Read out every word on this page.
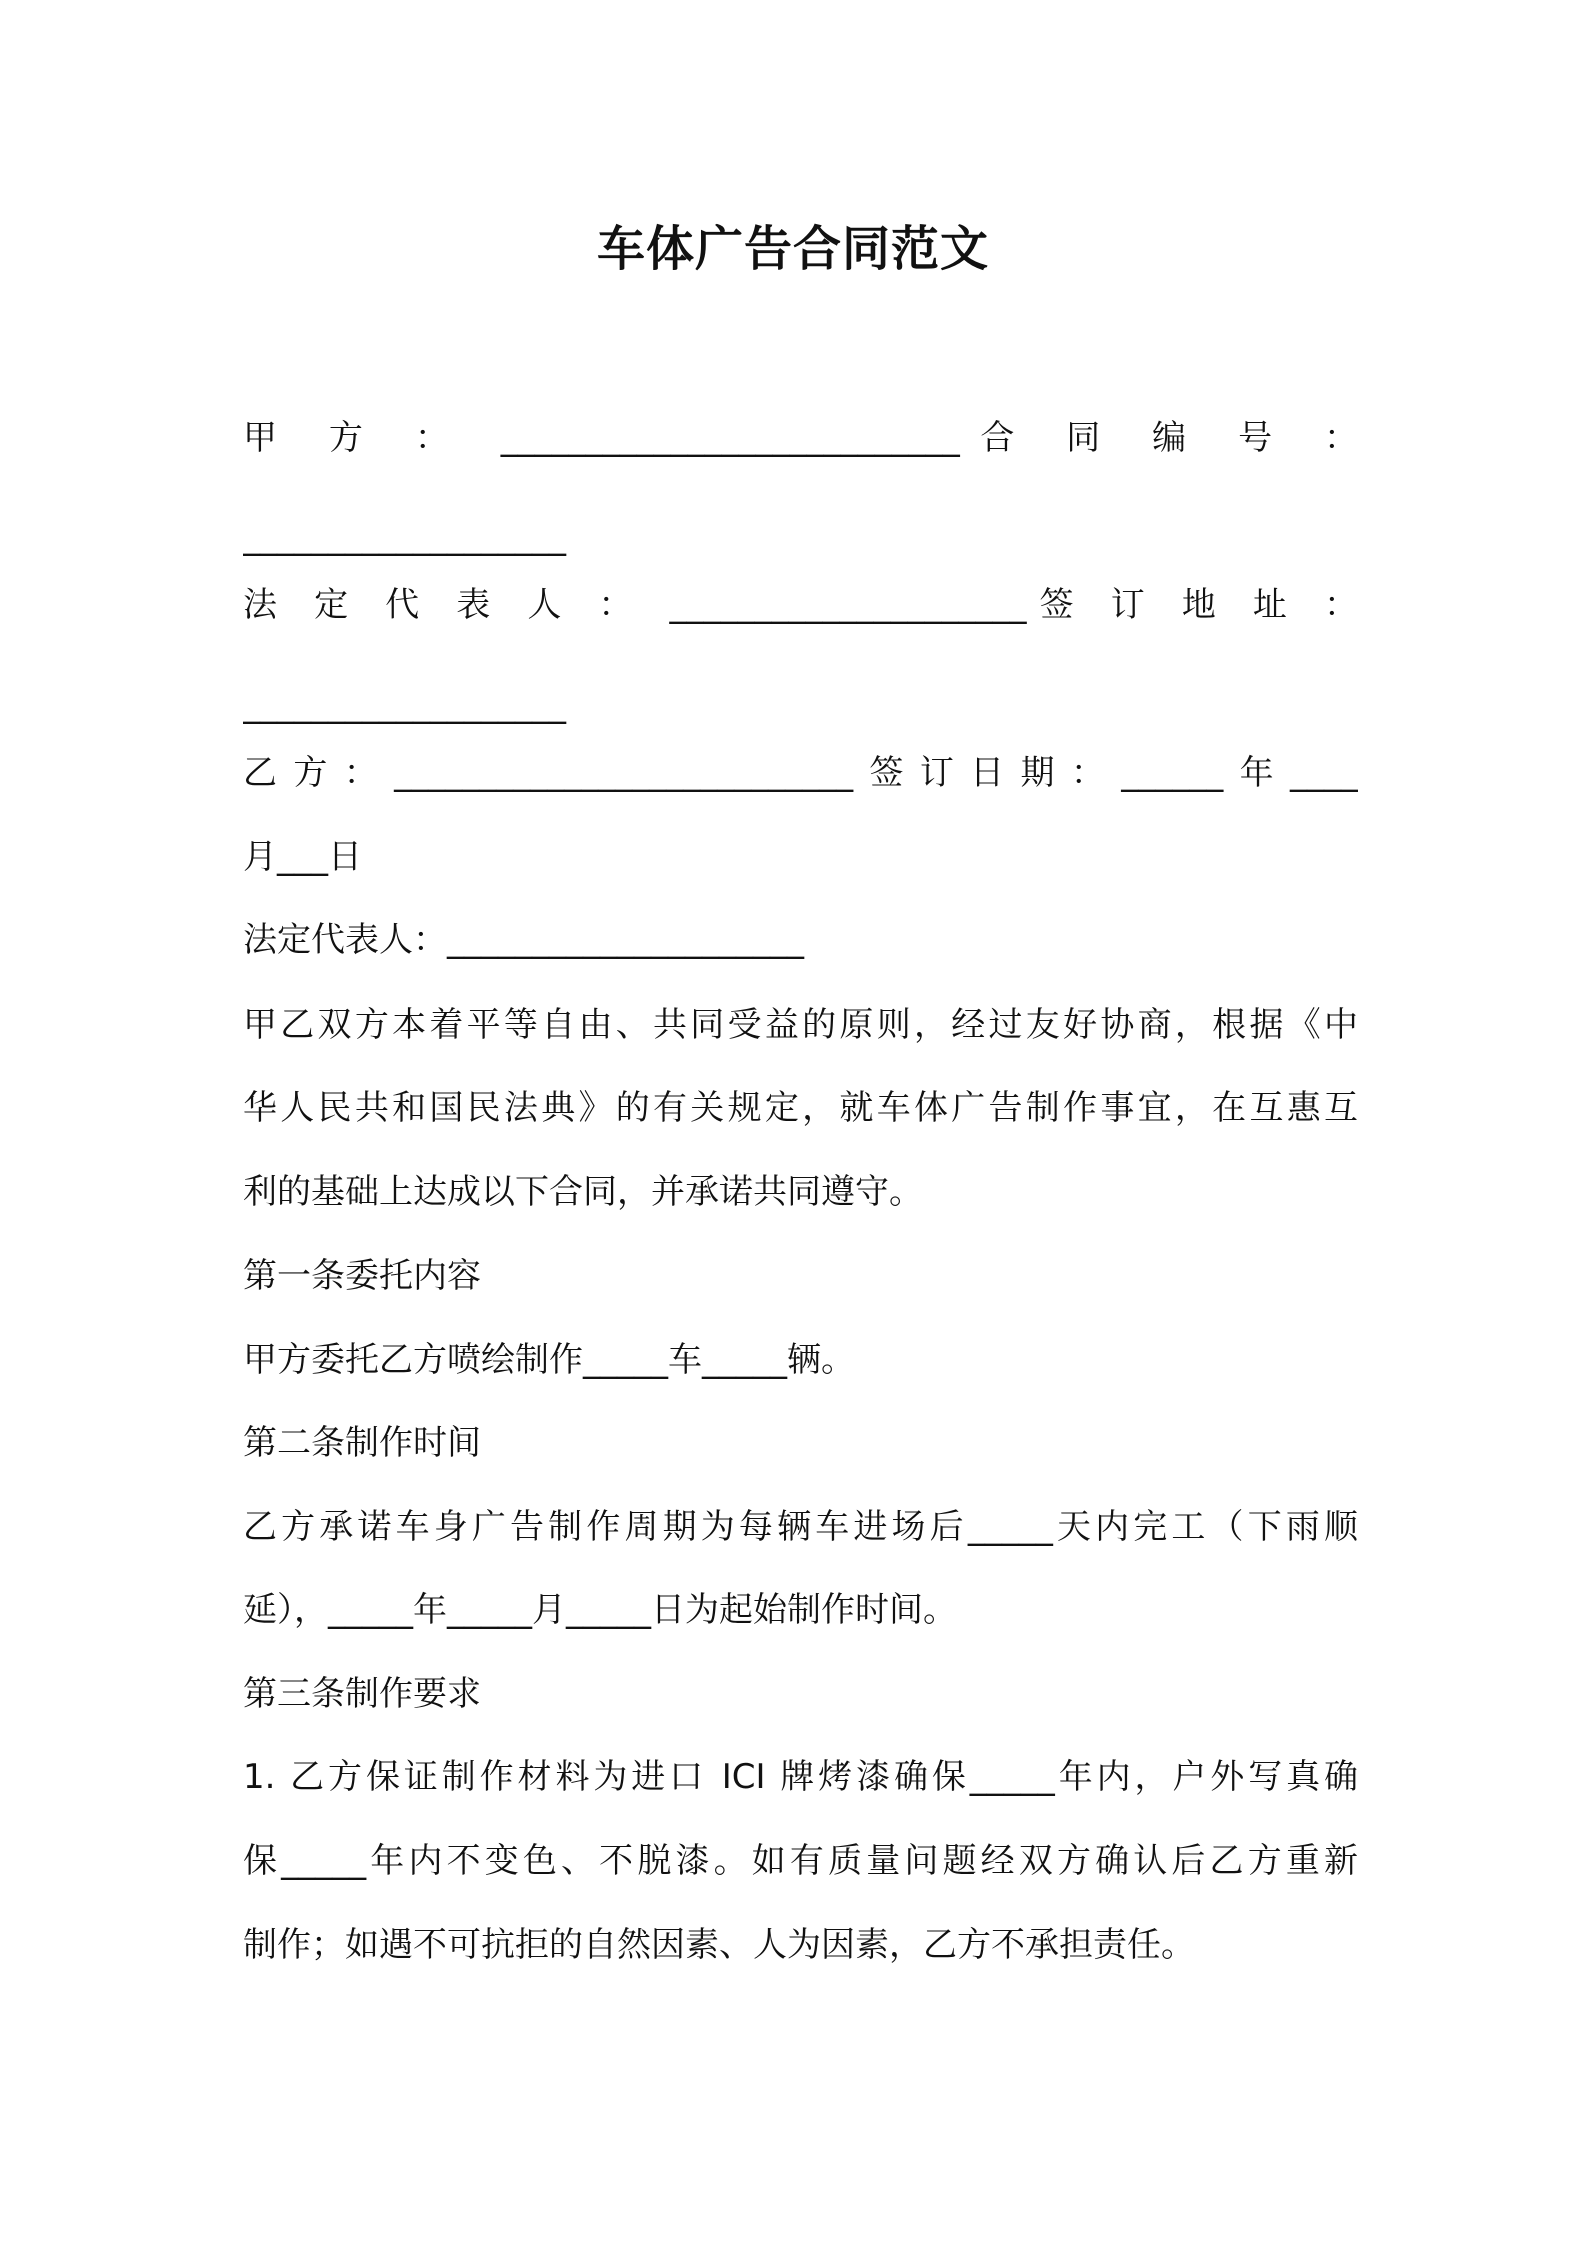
车体广告合同范文
甲 方 ： ___________________________合 同 编 号 ：
___________________
法 定 代 表 人 ： _____________________签 订 地 址 ：
___________________
乙方：___________________________签订日期：______年____
月___日
法定代表人：_____________________
甲乙双方本着平等自由、共同受益的原则，经过友好协商，根据《中
华人民共和国民法典》的有关规定，就车体广告制作事宜，在互惠互
利的基础上达成以下合同，并承诺共同遵守。
第一条委托内容
甲方委托乙方喷绘制作_____车_____辆。
第二条制作时间
乙方承诺车身广告制作周期为每辆车进场后_____天内完工（下雨顺
延），_____年_____月_____日为起始制作时间。
第三条制作要求
1. 乙方保证制作材料为进口 ICI 牌烤漆确保_____年内，户外写真确
保_____年内不变色、不脱漆。如有质量问题经双方确认后乙方重新
制作；如遇不可抗拒的自然因素、人为因素，乙方不承担责任。
